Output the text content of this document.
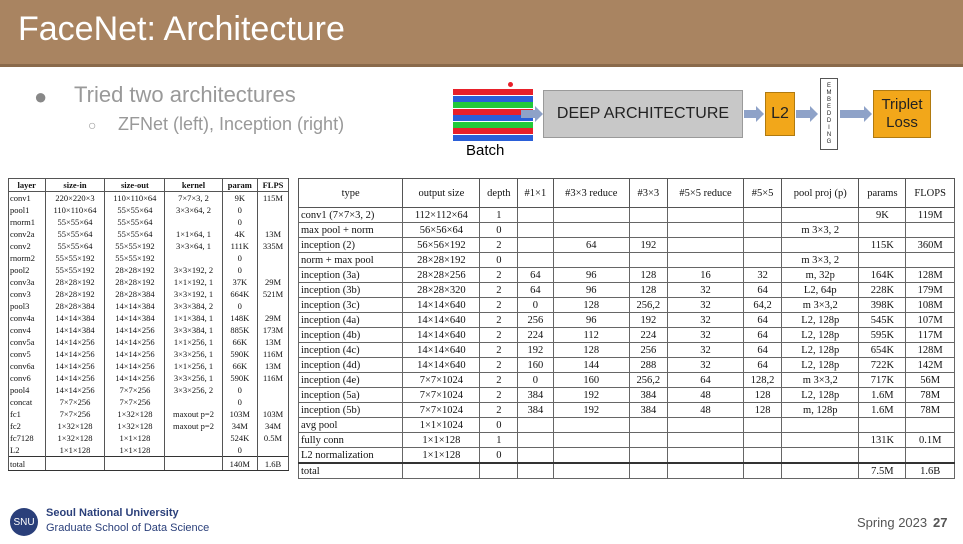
FaceNet: Architecture
● Tried two architectures
○ ZFNet (left), Inception (right)
Batch
DEEP ARCHITECTURE	L2
E
M
B
E
D
D
I
N
G
Triplet Loss
layer	size-in	size-out	kernel	param	FLPS
conv1	220×220×3	110×110×64	7×7×3, 2	9K	115M
pool1	110×110×64	55×55×64	3×3×64, 2	0	
rnorm1	55×55×64	55×55×64		0	
conv2a	55×55×64	55×55×64	1×1×64, 1	4K	13M
conv2	55×55×64	55×55×192	3×3×64, 1	111K	335M
rnorm2	55×55×192	55×55×192		0	
pool2	55×55×192	28×28×192	3×3×192, 2	0	
conv3a	28×28×192	28×28×192	1×1×192, 1	37K	29M
conv3	28×28×192	28×28×384	3×3×192, 1	664K	521M
pool3	28×28×384	14×14×384	3×3×384, 2	0	
conv4a	14×14×384	14×14×384	1×1×384, 1	148K	29M
conv4	14×14×384	14×14×256	3×3×384, 1	885K	173M
conv5a	14×14×256	14×14×256	1×1×256, 1	66K	13M
conv5	14×14×256	14×14×256	3×3×256, 1	590K	116M
conv6a	14×14×256	14×14×256	1×1×256, 1	66K	13M
conv6	14×14×256	14×14×256	3×3×256, 1	590K	116M
pool4	14×14×256	7×7×256	3×3×256, 2	0	
concat	7×7×256	7×7×256		0	
fc1	7×7×256	1×32×128	maxout p=2	103M	103M
fc2	1×32×128	1×32×128	maxout p=2	34M	34M
fc7128	1×32×128	1×1×128		524K	0.5M
L2	1×1×128	1×1×128		0	
total				140M	1.6B
type	output size	depth	#1×1	#3×3 reduce	#3×3	#5×5 reduce	#5×5	pool proj (p)	params	FLOPS
conv1 (7×7×3, 2)	112×112×64	1							9K	119M
max pool + norm	56×56×64	0						m 3×3, 2		
inception (2)	56×56×192	2		64	192				115K	360M
norm + max pool	28×28×192	0						m 3×3, 2		
inception (3a)	28×28×256	2	64	96	128	16	32	m, 32p	164K	128M
inception (3b)	28×28×320	2	64	96	128	32	64	L2, 64p	228K	179M
inception (3c)	14×14×640	2	0	128	256,2	32	64,2	m 3×3,2	398K	108M
inception (4a)	14×14×640	2	256	96	192	32	64	L2, 128p	545K	107M
inception (4b)	14×14×640	2	224	112	224	32	64	L2, 128p	595K	117M
inception (4c)	14×14×640	2	192	128	256	32	64	L2, 128p	654K	128M
inception (4d)	14×14×640	2	160	144	288	32	64	L2, 128p	722K	142M
inception (4e)	7×7×1024	2	0	160	256,2	64	128,2	m 3×3,2	717K	56M
inception (5a)	7×7×1024	2	384	192	384	48	128	L2, 128p	1.6M	78M
inception (5b)	7×7×1024	2	384	192	384	48	128	m, 128p	1.6M	78M
avg pool	1×1×1024	0								
fully conn	1×1×128	1							131K	0.1M
L2 normalization	1×1×128	0								
total									7.5M	1.6B
SNU
Seoul National University
Graduate School of Data Science	Spring 2023 27
